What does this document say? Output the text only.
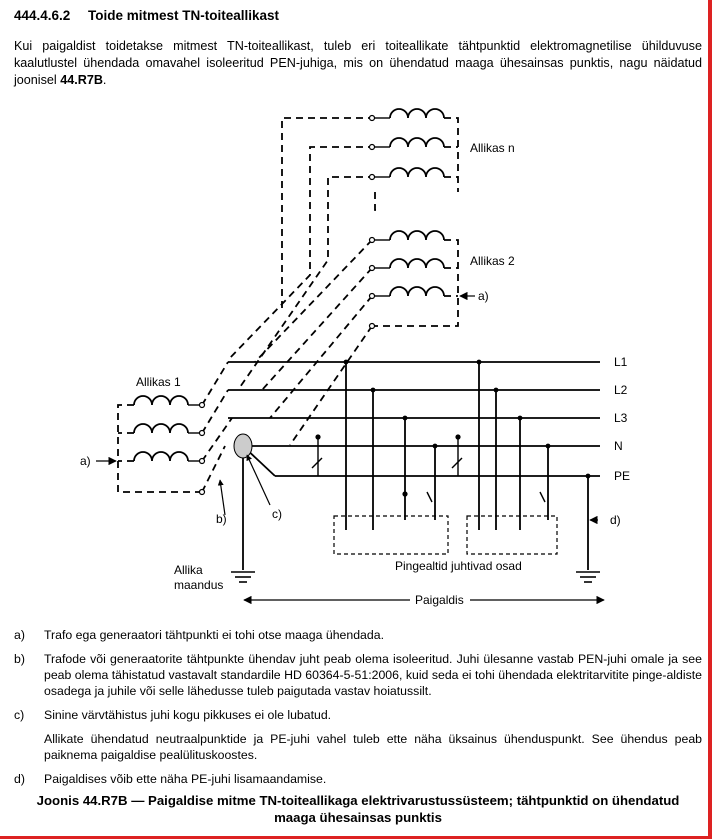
444.4.6.2 Toide mitmest TN-toiteallikast
Kui paigaldist toidetakse mitmest TN-toiteallikast, tuleb eri toiteallikate tähtpunktid elektromagnetilise ühilduvuse kaalutlustel ühendada omavahel isoleeritud PEN-juhiga, mis on ühendatud maaga ühesainsas punktis, nagu näidatud joonisel 44.R7B.
Allikas n
Allikas 2
Allikas 1
L1
L2
L3
N
PE
a)
a)
b)	c)	d)
Allika
maandus
Pingealtid juhtivad osad
Paigaldis
a)	Trafo ega generaatori tähtpunkti ei tohi otse maaga ühendada.
b)	Trafode või generaatorite tähtpunkte ühendav juht peab olema isoleeritud. Juhi ülesanne vastab PEN-juhi omale ja see peab olema tähistatud vastavalt standardile HD 60364-5-51:2006, kuid seda ei tohi ühendada elektritarvitite pinge-aldiste osadega ja juhile või selle lähedusse tuleb paigutada vastav hoiatussilt.
c)	Sinine värvtähistus juhi kogu pikkuses ei ole lubatud.
Allikate ühendatud neutraalpunktide ja PE-juhi vahel tuleb ette näha üksainus ühenduspunkt. See ühendus peab paiknema paigaldise pealülituskoostes.
d)	Paigaldises võib ette näha PE-juhi lisamaandamise.
Joonis 44.R7B — Paigaldise mitme TN-toiteallikaga elektrivarustussüsteem; tähtpunktid on ühendatud
maaga ühesainsas punktis
